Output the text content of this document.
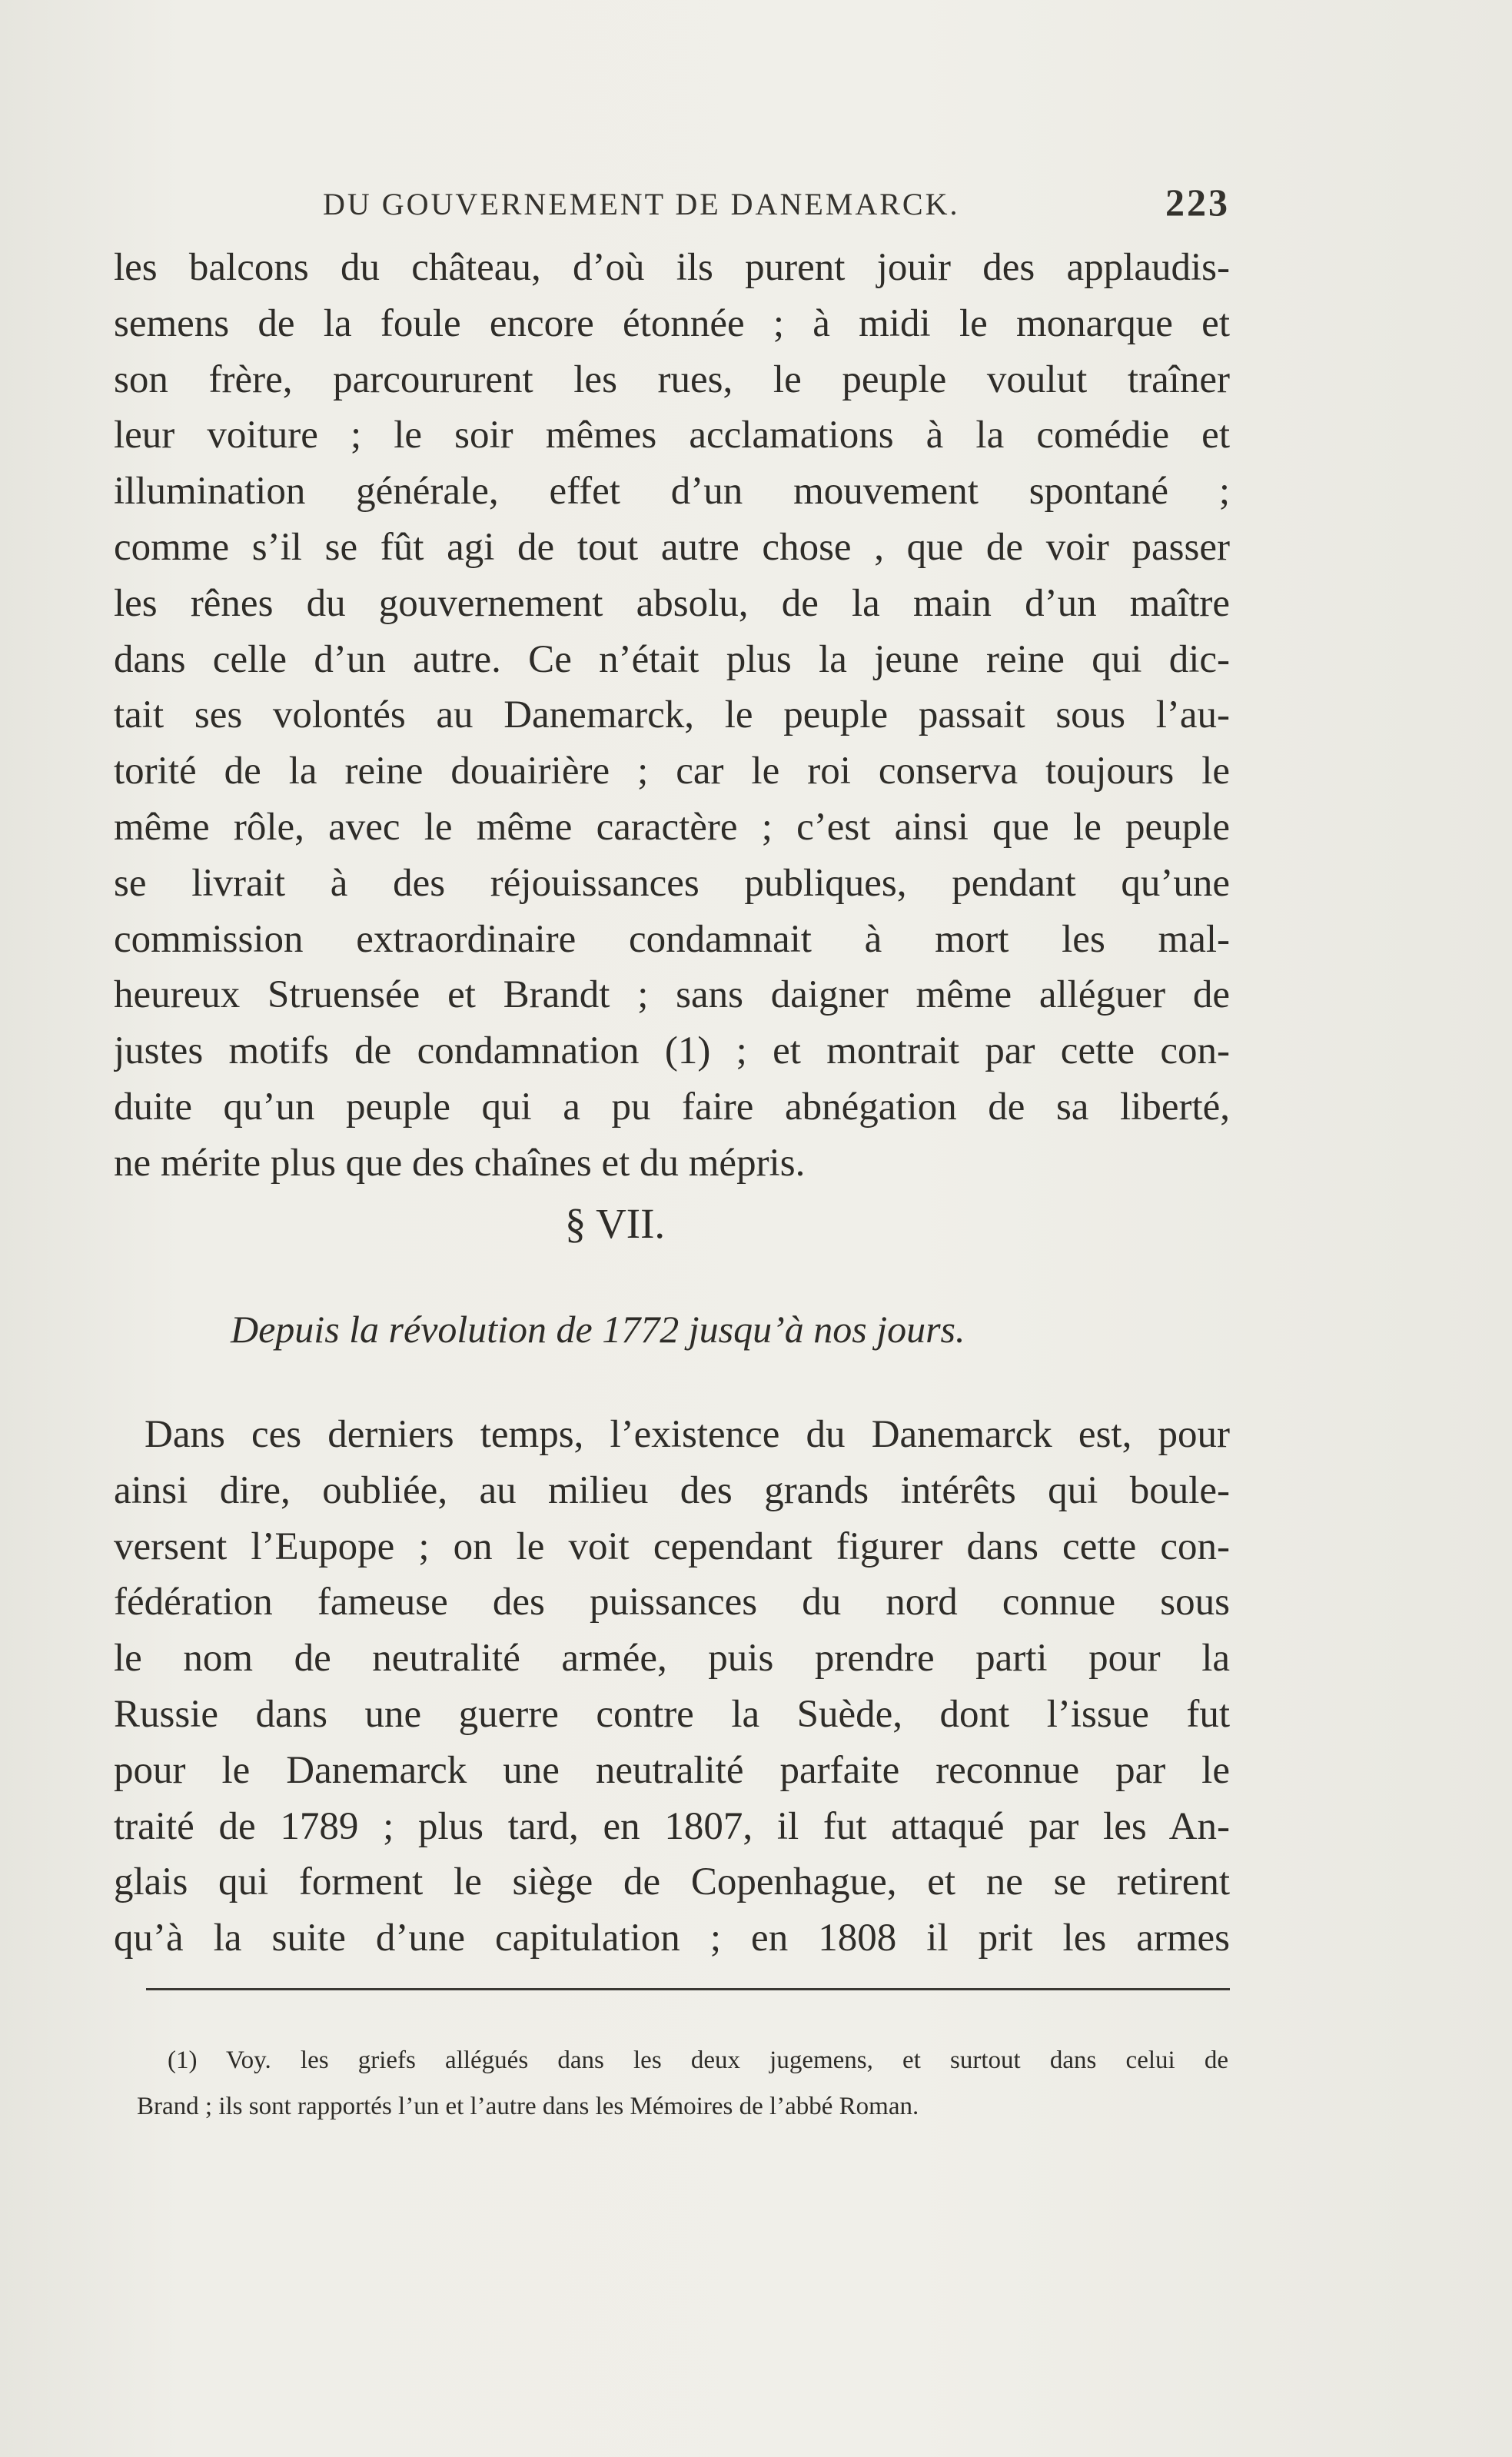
DU GOUVERNEMENT DE DANEMARCK.	223
les balcons du château, d’où ils purent jouir des applaudis-
semens de la foule encore étonnée ; à midi le monarque et
son frère, parcoururent les rues, le peuple voulut traîner
leur voiture ; le soir mêmes acclamations à la comédie et
illumination générale, effet d’un mouvement spontané ;
comme s’il se fût agi de tout autre chose , que de voir passer
les rênes du gouvernement absolu, de la main d’un maître
dans celle d’un autre. Ce n’était plus la jeune reine qui dic-
tait ses volontés au Danemarck, le peuple passait sous l’au-
torité de la reine douairière ; car le roi conserva toujours le
même rôle, avec le même caractère ; c’est ainsi que le peuple
se livrait à des réjouissances publiques, pendant qu’une
commission extraordinaire condamnait à mort les mal-
heureux Struensée et Brandt ; sans daigner même alléguer de
justes motifs de condamnation (1) ; et montrait par cette con-
duite qu’un peuple qui a pu faire abnégation de sa liberté,
ne mérite plus que des chaînes et du mépris.
§ VII.
Depuis la révolution de 1772 jusqu’à nos jours.
Dans ces derniers temps, l’existence du Danemarck est, pour
ainsi dire, oubliée, au milieu des grands intérêts qui boule-
versent l’Eupope ; on le voit cependant figurer dans cette con-
fédération fameuse des puissances du nord connue sous
le nom de neutralité armée, puis prendre parti pour la
Russie dans une guerre contre la Suède, dont l’issue fut
pour le Danemarck une neutralité parfaite reconnue par le
traité de 1789 ; plus tard, en 1807, il fut attaqué par les An-
glais qui forment le siège de Copenhague, et ne se retirent
qu’à la suite d’une capitulation ; en 1808 il prit les armes
(1) Voy. les griefs allégués dans les deux jugemens, et surtout dans celui de
Brand ; ils sont rapportés l’un et l’autre dans les Mémoires de l’abbé Roman.
